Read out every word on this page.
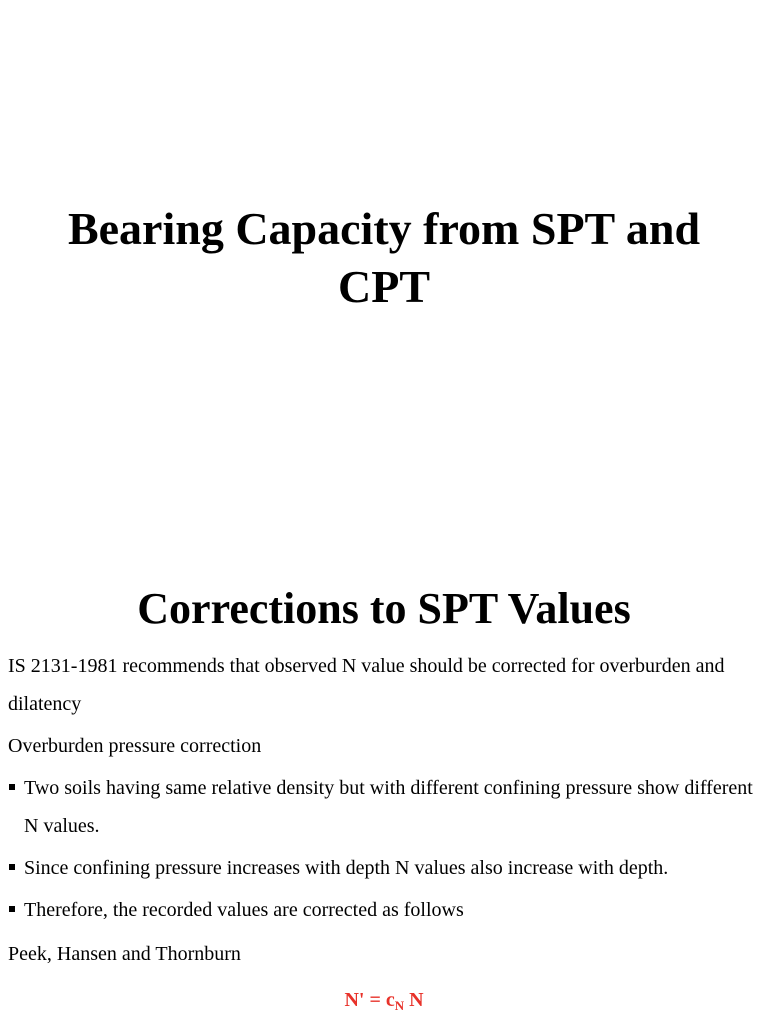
Bearing Capacity from SPT and
CPT
Corrections to SPT Values

IS 2131-1981 recommends that observed N value should be corrected for overburden and dilatency

Overburden pressure correction

Two soils having same relative density but with different confining pressure show different N values.
Since confining pressure increases with depth N values also increase with depth.
Therefore, the recorded values are corrected as follows

Peek, Hansen and Thornburn

$N' = c_N$ N
